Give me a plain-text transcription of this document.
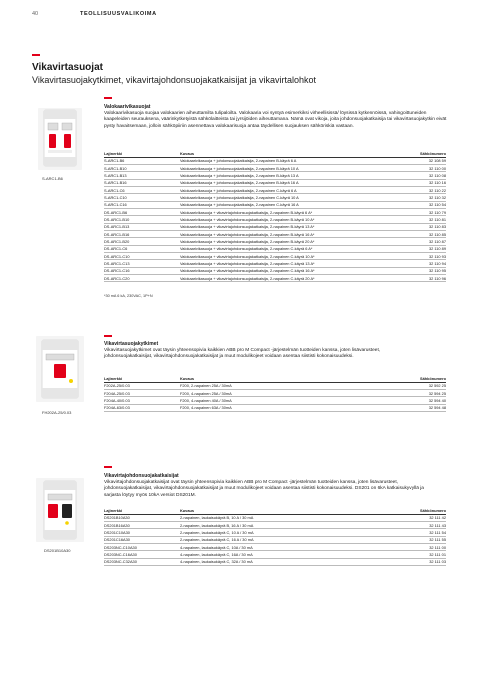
40	TEOLLISUUSVALIKOIMA
Vikavirtasuojat
Vikavirtasuojakytkimet, vikavirtajohdonsuojakatkaisijat ja vikavirtalohkot
S-ARC1-B6
Valokaarivikasuojat
Valokaarivikasuoja suojaa valokaarien aiheuttamilta tulipaloilta. Valokaaria voi syntyä esimerkiksi virheellisissä/ löysissä kytkennöissä, vahingoittuneiden kaapeleiden seurauksena, väärinkytketyistä sähkölaitteista tai jyrsijöiden aiheuttamana. Nämä ovat vikoja, joita johdonsuojakatkaisija tai vikavirtasuojakytkin eivät pysty havaitsemaan, jolloin sähköpiiriin asennettava valokaarisuoja antaa täydellisen suojauksen sähköriskiä vastaan.
Lajinerkki	Kuvaus	Sähkönumero
S-ARC1-B6	Valokaarivikasuoja + johdonsuojakatkaisija, 2-napainen B-käyrä 6 A	32 108 59
S-ARC1-B10	Valokaarivikasuoja + johdonsuojakatkaisija, 2-napainen B-käyrä 10 A	32 110 00
S-ARC1-B13	Valokaarivikasuoja + johdonsuojakatkaisija, 2-napainen B-käyrä 13 A	32 110 08
S-ARC1-B16	Valokaarivikasuoja + johdonsuojakatkaisija, 2-napainen B-käyrä 16 A	32 110 16
S-ARC1-C6	Valokaarivikasuoja + johdonsuojakatkaisija, 2-napainen C-käyrä 6 A	32 110 22
S-ARC1-C10	Valokaarivikasuoja + johdonsuojakatkaisija, 2-napainen C-käyrä 10 A	32 110 32
S-ARC1-C16	Valokaarivikasuoja + johdonsuojakatkaisija, 2-napainen C-käyrä 16 A	32 110 54
DS-ARC1-B6	Valokaarivikasuoja + vikavirtajohdonsuojakatkaisija, 2-napainen B-käyrä 6 A*	32 110 79
DS-ARC1-B10	Valokaarivikasuoja + vikavirtajohdonsuojakatkaisija, 2-napainen B-käyrä 10 A*	32 110 81
DS-ARC1-B13	Valokaarivikasuoja + vikavirtajohdonsuojakatkaisija, 2-napainen B-käyrä 13 A*	32 110 83
DS-ARC1-B16	Valokaarivikasuoja + vikavirtajohdonsuojakatkaisija, 2-napainen B-käyrä 16 A*	32 110 85
DS-ARC1-B20	Valokaarivikasuoja + vikavirtajohdonsuojakatkaisija, 2-napainen B-käyrä 20 A*	32 110 87
DS-ARC1-C6	Valokaarivikasuoja + vikavirtajohdonsuojakatkaisija, 2-napainen C-käyrä 6 A*	32 110 89
DS-ARC1-C10	Valokaarivikasuoja + vikavirtajohdonsuojakatkaisija, 2-napainen C-käyrä 10 A*	32 110 93
DS-ARC1-C13	Valokaarivikasuoja + vikavirtajohdonsuojakatkaisija, 2-napainen C-käyrä 13 A*	32 110 94
DS-ARC1-C16	Valokaarivikasuoja + vikavirtajohdonsuojakatkaisija, 2-napainen C-käyrä 16 A*	32 110 95
DS-ARC1-C20	Valokaarivikasuoja + vikavirtajohdonsuojakatkaisija, 2-napainen C-käyrä 20 A*	32 110 96
*30 mA 6 kA, 230VAC, 1P+N
FH202A-25/0.03
Vikavirtasuojakytkimet
Vikavirtasuojakytkimet ovat täysin yhteensopivia kaikkien ABB pro M Compact -järjestelmän tuotteiden kanssa, joten lisävarusteet, johdonsuojakatkaisijat, vikavirtajohdonsuojakatkaisijat ja muut modulikojeet voidaan asentaa siististi kokonaisuudeksi.
Lajinerkki	Kuvaus	Sähkönumero
F202A-25/0.03	F200, 2-napainen 25A / 30mA	32 592 25
F204A-25/0.03	F200, 4-napainen 25A / 30mA	32 594 25
F204A-40/0.03	F200, 4-napainen 40A / 30mA	32 594 40
F204A-63/0.03	F200, 4-napainen 63A / 30mA	32 594 48
DS201B10A30
Vikavirtajohdonsuojakatkaisijat
Vikavirtajohdonsuojakatkaisijat ovat täysin yhteensopivia kaikkien ABB pro M Compact -järjestelmän tuotteiden kanssa, joten lisävarusteet, johdonsuojakatkaisijat, vikavirtajohdonsuojakatkaisijat ja muut modulikojeet voidaan asentaa siististi kokonaisuudeksi. DS201 on 6kA katkaisukyvyllä ja sarjasta löytyy myös 10kA versiot DS201M.
Lajinerkki	Kuvaus	Sähkönumero
DS201B10A30	2-napainen, laukaisukäyrä B, 10 A / 30 mA	32 111 42
DS201B16A30	2-napainen, laukaisukäyrä B, 16 A / 30 mA	32 111 43
DS201C10A30	2-napainen, laukaisukäyrä C, 10 A / 30 mA	32 111 54
DS201C16A30	2-napainen, laukaisukäyrä C, 16 A / 30 mA	32 111 55
DS203NC-C10A30	4-napainen, laukaisukäyrä C, 10A / 30 mA	32 111 00
DS203NC-C16A30	4-napainen, laukaisukäyrä C, 16A / 30 mA	32 111 01
DS203NC-C32A30	4-napainen, laukaisukäyrä C, 32A / 30 mA	32 111 03
